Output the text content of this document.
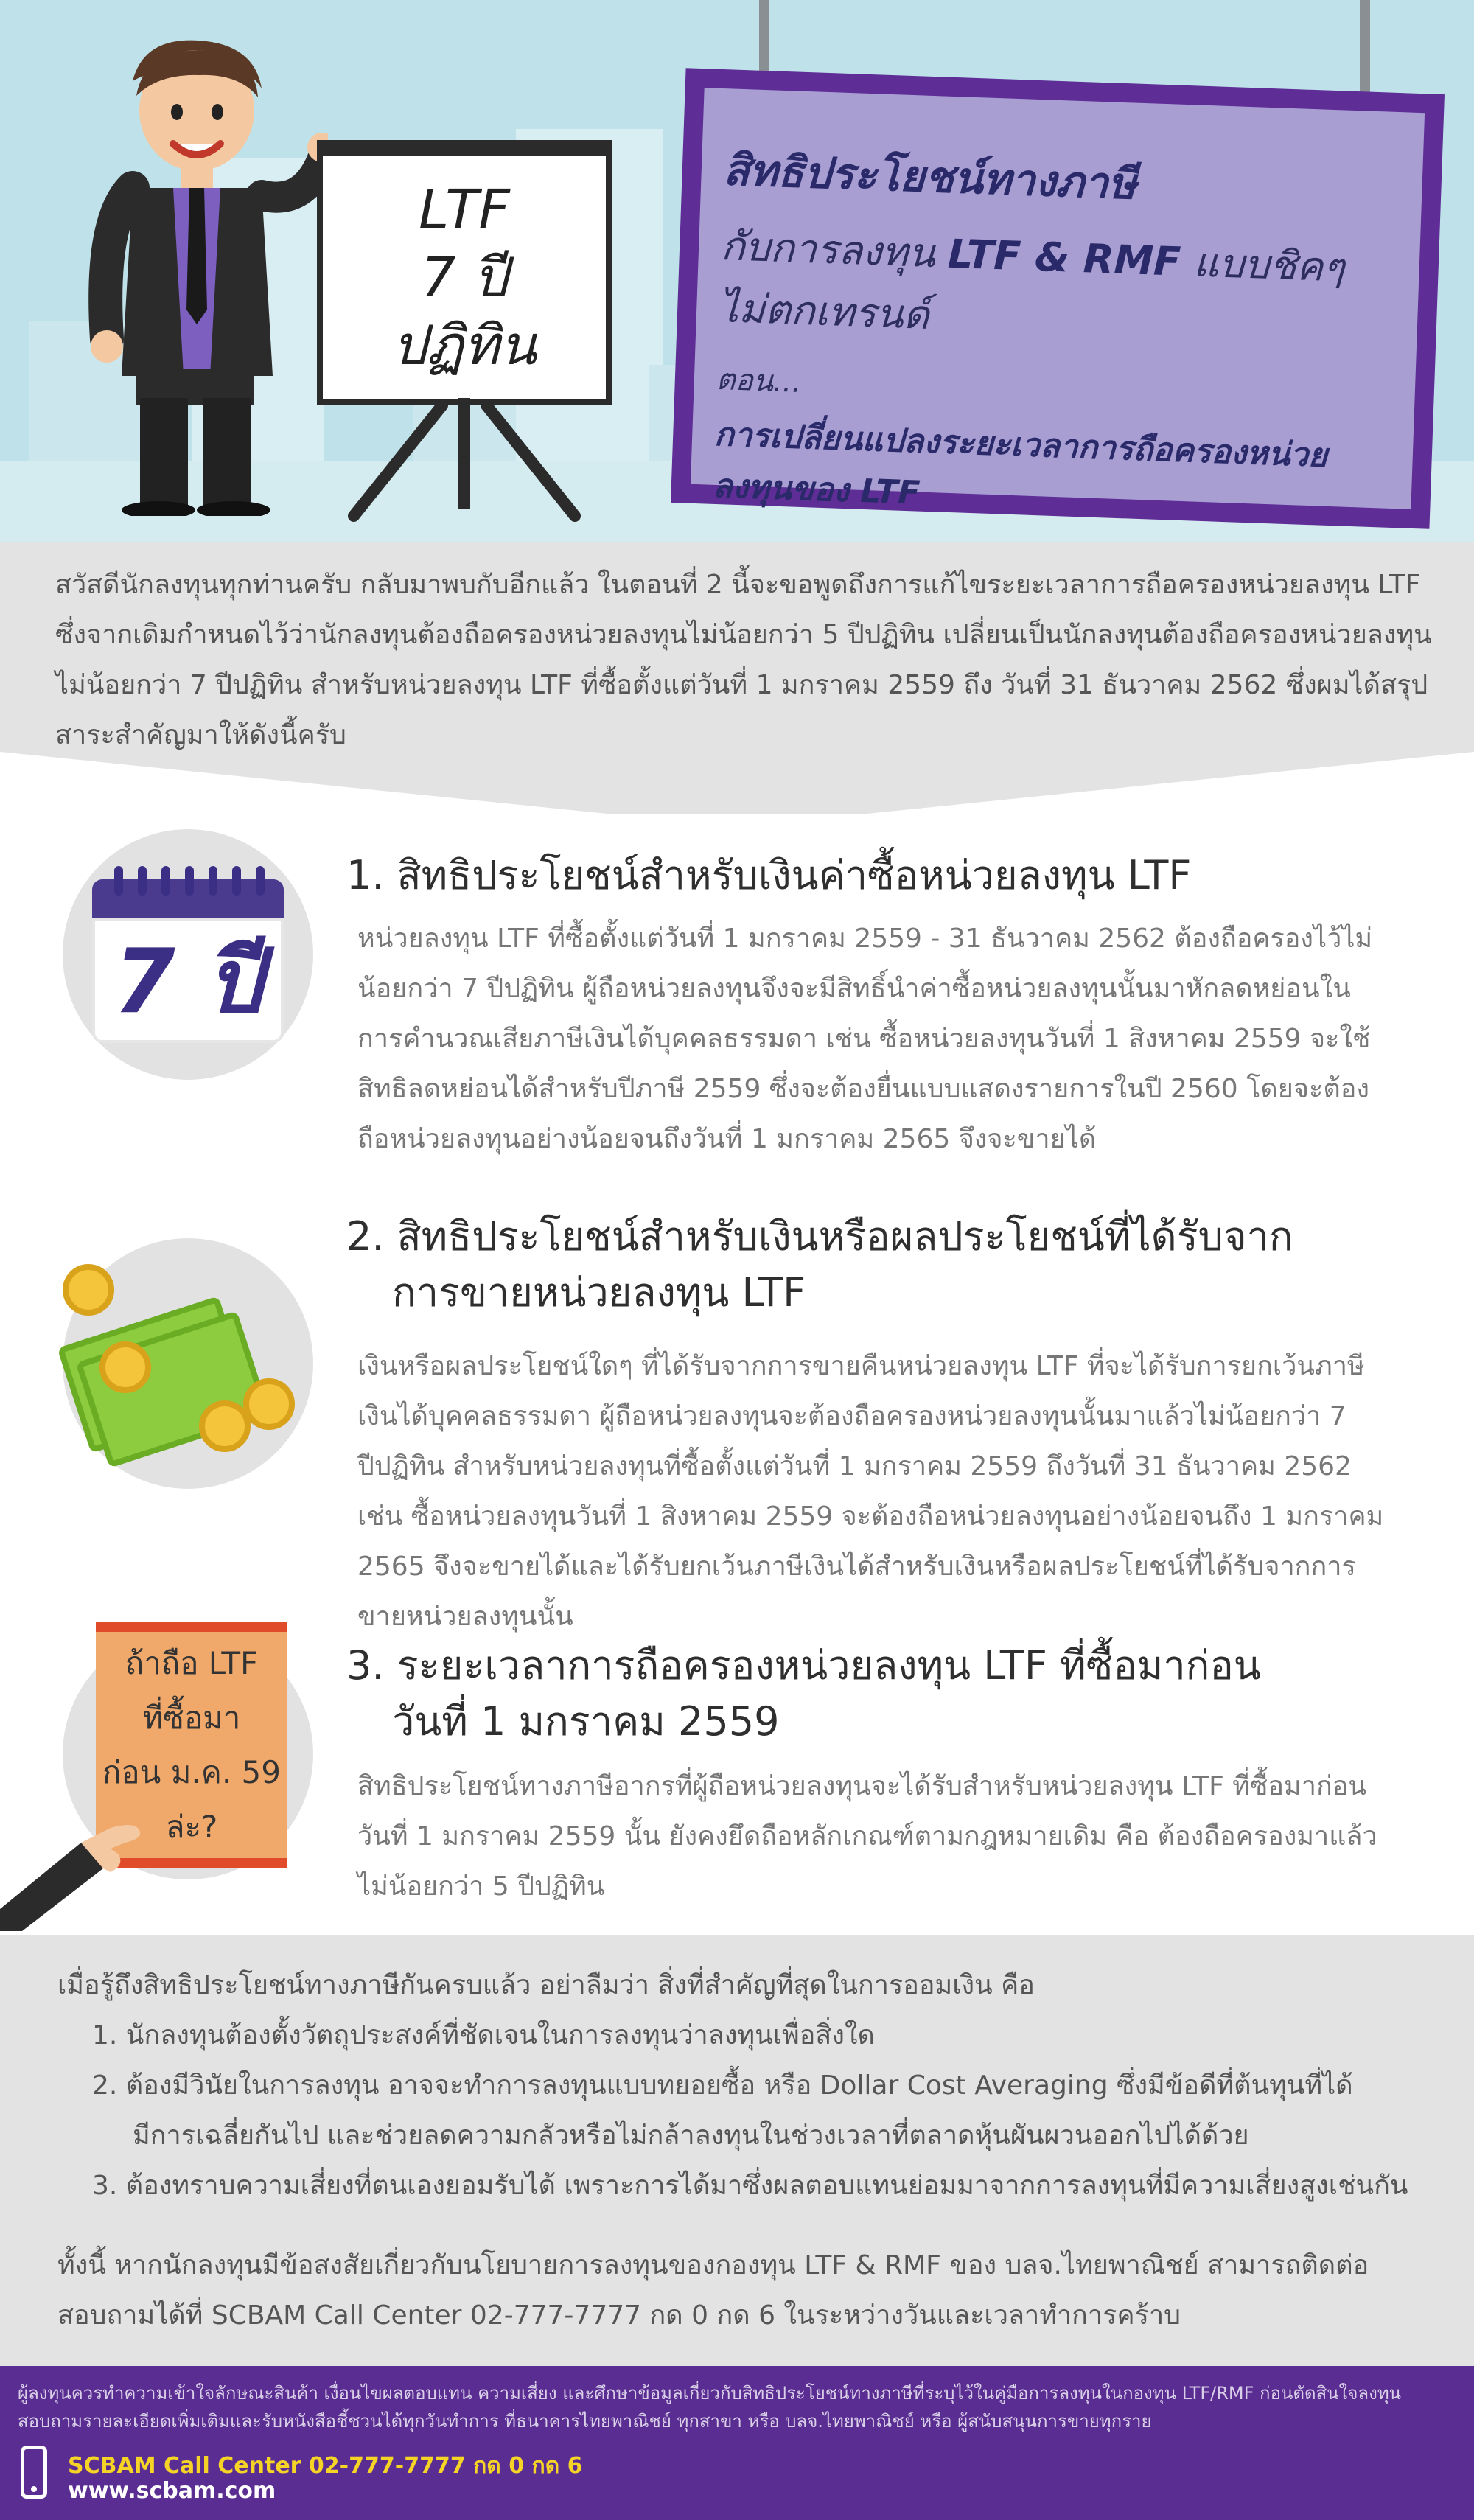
LTF
7 ปี
ปฏิทิน
สิทธิประโยชน์ทางภาษี
กับการลงทุน LTF & RMF แบบชิคๆ ไม่ตกเทรนด์
ตอน...
การเปลี่ยนแปลงระยะเวลาการถือครองหน่วยลงทุนของ LTF

สวัสดีนักลงทุนทุกท่านครับ กลับมาพบกับอีกแล้ว ในตอนที่ 2 นี้จะขอพูดถึงการแก้ไขระยะเวลาการถือครองหน่วยลงทุน LTF ซึ่งจากเดิมกำหนดไว้ว่านักลงทุนต้องถือครองหน่วยลงทุนไม่น้อยกว่า 5 ปีปฏิทิน เปลี่ยนเป็นนักลงทุนต้องถือครองหน่วยลงทุน ไม่น้อยกว่า 7 ปีปฏิทิน สำหรับหน่วยลงทุน LTF ที่ซื้อตั้งแต่วันที่ 1 มกราคม 2559 ถึง วันที่ 31 ธันวาคม 2562 ซึ่งผมได้สรุปสาระสำคัญมาให้ดังนี้ครับ

7 ปี
1. สิทธิประโยชน์สำหรับเงินค่าซื้อหน่วยลงทุน LTF

หน่วยลงทุน LTF ที่ซื้อตั้งแต่วันที่ 1 มกราคม 2559 - 31 ธันวาคม 2562 ต้องถือครองไว้ไม่น้อยกว่า 7 ปีปฏิทิน ผู้ถือหน่วยลงทุนจึงจะมีสิทธิ์นำค่าซื้อหน่วยลงทุนนั้นมาหักลดหย่อนในการคำนวณเสียภาษีเงินได้บุคคลธรรมดา เช่น ซื้อหน่วยลงทุนวันที่ 1 สิงหาคม 2559 จะใช้สิทธิลดหย่อนได้สำหรับปีภาษี 2559 ซึ่งจะต้องยื่นแบบแสดงรายการในปี 2560 โดยจะต้องถือหน่วยลงทุนอย่างน้อยจนถึงวันที่ 1 มกราคม 2565 จึงจะขายได้

2. สิทธิประโยชน์สำหรับเงินหรือผลประโยชน์ที่ได้รับจาก
การขายหน่วยลงทุน LTF

เงินหรือผลประโยชน์ใดๆ ที่ได้รับจากการขายคืนหน่วยลงทุน LTF ที่จะได้รับการยกเว้นภาษีเงินได้บุคคลธรรมดา ผู้ถือหน่วยลงทุนจะต้องถือครองหน่วยลงทุนนั้นมาแล้วไม่น้อยกว่า 7 ปีปฏิทิน สำหรับหน่วยลงทุนที่ซื้อตั้งแต่วันที่ 1 มกราคม 2559 ถึงวันที่ 31 ธันวาคม 2562 เช่น ซื้อหน่วยลงทุนวันที่ 1 สิงหาคม 2559 จะต้องถือหน่วยลงทุนอย่างน้อยจนถึง 1 มกราคม 2565 จึงจะขายได้และได้รับยกเว้นภาษีเงินได้สำหรับเงินหรือผลประโยชน์ที่ได้รับจากการขายหน่วยลงทุนนั้น

ถ้าถือ LTF
ที่ซื้อมา
ก่อน ม.ค. 59
ล่ะ?
3. ระยะเวลาการถือครองหน่วยลงทุน LTF ที่ซื้อมาก่อน
วันที่ 1 มกราคม 2559

สิทธิประโยชน์ทางภาษีอากรที่ผู้ถือหน่วยลงทุนจะได้รับสำหรับหน่วยลงทุน LTF ที่ซื้อมาก่อนวันที่ 1 มกราคม 2559 นั้น ยังคงยึดถือหลักเกณฑ์ตามกฎหมายเดิม คือ ต้องถือครองมาแล้วไม่น้อยกว่า 5 ปีปฏิทิน

เมื่อรู้ถึงสิทธิประโยชน์ทางภาษีกันครบแล้ว อย่าลืมว่า สิ่งที่สำคัญที่สุดในการออมเงิน คือ

1. นักลงทุนต้องตั้งวัตถุประสงค์ที่ชัดเจนในการลงทุนว่าลงทุนเพื่อสิ่งใด

2. ต้องมีวินัยในการลงทุน อาจจะทำการลงทุนแบบทยอยซื้อ หรือ Dollar Cost Averaging ซึ่งมีข้อดีที่ต้นทุนที่ได้

มีการเฉลี่ยกันไป และช่วยลดความกลัวหรือไม่กล้าลงทุนในช่วงเวลาที่ตลาดหุ้นผันผวนออกไปได้ด้วย

3. ต้องทราบความเสี่ยงที่ตนเองยอมรับได้ เพราะการได้มาซึ่งผลตอบแทนย่อมมาจากการลงทุนที่มีความเสี่ยงสูงเช่นกัน

ทั้งนี้ หากนักลงทุนมีข้อสงสัยเกี่ยวกับนโยบายการลงทุนของกองทุน LTF & RMF ของ บลจ.ไทยพาณิชย์ สามารถติดต่อสอบถามได้ที่ SCBAM Call Center 02-777-7777 กด 0 กด 6 ในระหว่างวันและเวลาทำการคร้าบ

ผู้ลงทุนควรทำความเข้าใจลักษณะสินค้า เงื่อนไขผลตอบแทน ความเสี่ยง และศึกษาข้อมูลเกี่ยวกับสิทธิประโยชน์ทางภาษีที่ระบุไว้ในคู่มือการลงทุนในกองทุน LTF/RMF ก่อนตัดสินใจลงทุน สอบถามรายละเอียดเพิ่มเติมและรับหนังสือชี้ชวนได้ทุกวันทำการ ที่ธนาคารไทยพาณิชย์ ทุกสาขา หรือ บลจ.ไทยพาณิชย์ หรือ ผู้สนับสนุนการขายทุกราย

SCBAM Call Center 02-777-7777 กด 0 กด 6
www.scbam.com
